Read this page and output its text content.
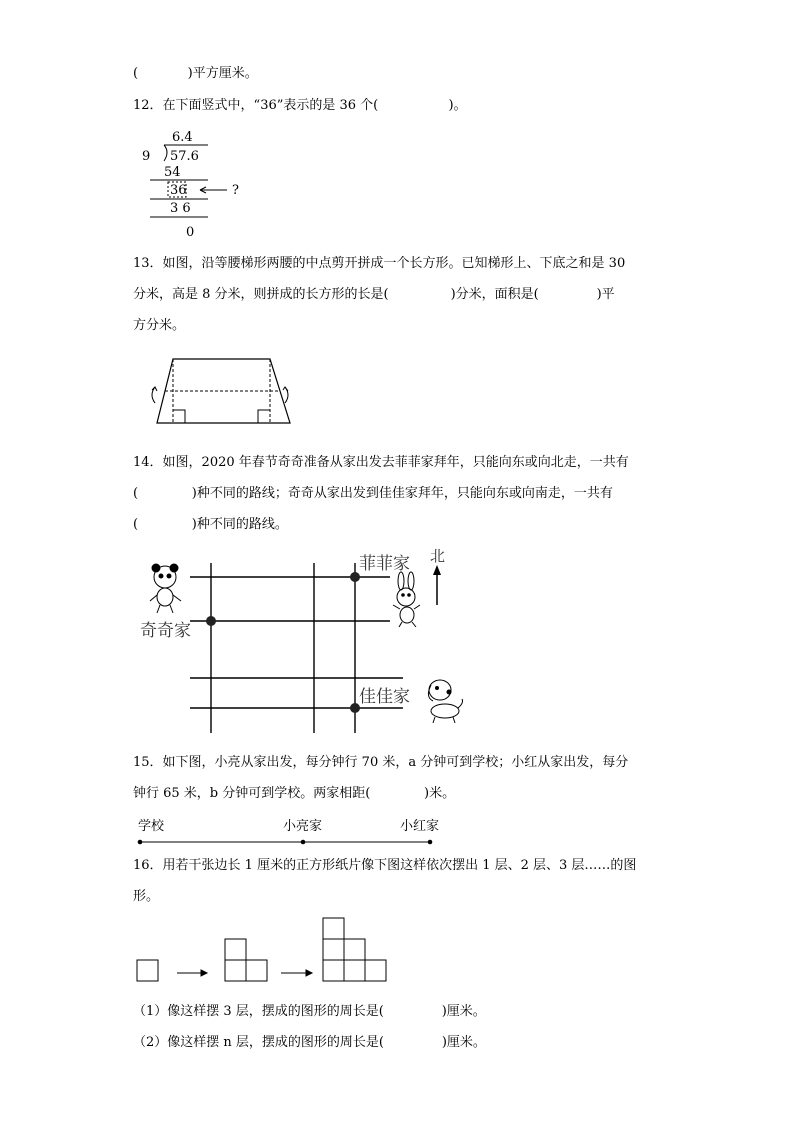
(            )平方厘米。
12．在下面竖式中，“36”表示的是 36 个(                 )。
6.4
9 57.6
54
36	?
3 6
0
13．如图，沿等腰梯形两腰的中点剪开拼成一个长方形。已知梯形上、下底之和是 30
分米，高是 8 分米，则拼成的长方形的长是(               )分米，面积是(              )平
方分米。
14．如图，2020 年春节奇奇准备从家出发去菲菲家拜年，只能向东或向北走，一共有
(             )种不同的路线；奇奇从家出发到佳佳家拜年，只能向东或向南走，一共有
(             )种不同的路线。
菲菲家 北
奇奇家
佳佳家
15．如下图，小亮从家出发，每分钟行 70 米，a 分钟可到学校；小红从家出发，每分
钟行 65 米，b 分钟可到学校。两家相距(             )米。
学校	小亮家	小红家
16．用若干张边长 1 厘米的正方形纸片像下图这样依次摆出 1 层、2 层、3 层……的图
形。
（1）像这样摆 3 层，摆成的图形的周长是(              )厘米。
（2）像这样摆 n 层，摆成的图形的周长是(              )厘米。
